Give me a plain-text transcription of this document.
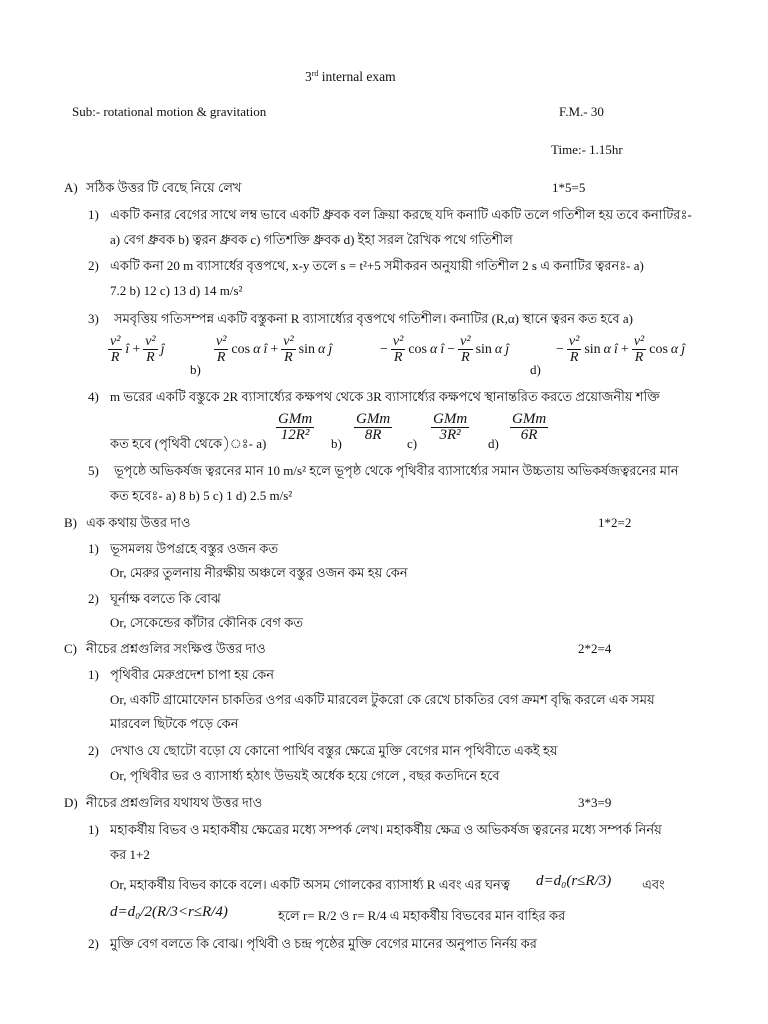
3rd internal exam
Sub:- rotational motion & gravitation	F.M.- 30
Time:- 1.15hr
A) সঠিক উত্তর টি বেছে নিয়ে লেখ	1*5=5
1) একটি কনার বেগের সাথে লম্ব ভাবে একটি ধ্রুবক বল ক্রিয়া করছে যদি কনাটি একটি তলে গতিশীল হয় তবে কনাটিরঃ-
a) বেগ ধ্রুবক b) ত্বরন ধ্রুবক c) গতিশক্তি ধ্রুবক d) ইহা সরল রৈখিক পথে গতিশীল
2) একটি কনা 20 m ব্যাসার্ধের বৃত্তপথে, x-y তলে s = t²+5 সমীকরন অনুযায়ী গতিশীল 2 s এ কনাটির ত্বরনঃ- a)
7.2 b) 12 c) 13 d) 14 m/s²
3) সমবৃত্তিয় গতিসম্পন্ন একটি বস্তুকনা R ব্যাসার্ধ্যের বৃত্তপথে গতিশীল। কনাটির (R,α) স্থানে ত্বরন কত হবে a)
$\frac{\text{v²}}{R}$ î + $\frac{\text{v²}}{R}$ ĵ
b)
$\frac{\text{v²}}{R}$ cos α î + $\frac{\text{v²}}{R}$ sin α ĵ	− $\frac{\text{v²}}{R}$ cos α î − $\frac{\text{v²}}{R}$ sin α ĵ
d)
− $\frac{\text{v²}}{R}$ sin α î + $\frac{\text{v²}}{R}$ cos α ĵ
4) m ভরের একটি বস্তুকে 2R ব্যাসার্ধ্যের কক্ষপথ থেকে 3R ব্যাসার্ধ্যের কক্ষপথে স্থানান্তরিত করতে প্রয়োজনীয় শক্তি
কত হবে (পৃথিবী থেকে)ঃ- a)
$\frac{\text{GMm}}{\text{12R²}}$
b)
$\frac{\text{GMm}}{8R}$
c)
$\frac{\text{GMm}}{\text{3R²}}$
d)
$\frac{\text{GMm}}{6R}$
5) ভূপৃষ্ঠে অভিকর্ষজ ত্বরনের মান 10 m/s² হলে ভূপৃষ্ঠ থেকে পৃথিবীর ব্যাসার্ধ্যের সমান উচ্চতায় অভিকর্ষজত্বরনের মান
কত হবেঃ- a) 8 b) 5 c) 1 d) 2.5 m/s²
B) এক কথায় উত্তর দাও	1*2=2
1) ভূসমলয় উপগ্রহে বস্তুর ওজন কত
Or, মেরুর তুলনায় নীরক্ষীয় অঞ্চলে বস্তুর ওজন কম হয় কেন
2) ঘূর্নাক্ষ বলতে কি বোঝ
Or, সেকেন্ডের কাঁটার কৌনিক বেগ কত
C) নীচের প্রশ্নগুলির সংক্ষিপ্ত উত্তর দাও	2*2=4
1) পৃথিবীর মেরুপ্রদেশ চাপা হয় কেন
Or, একটি গ্রামোফোন চাকতির ওপর একটি মারবেল টুকরো কে রেখে চাকতির বেগ ক্রমশ বৃদ্ধি করলে এক সময়
মারবেল ছিটকে পড়ে কেন
2) দেখাও যে ছোটো বড়ো যে কোনো পার্থিব বস্তুর ক্ষেত্রে মুক্তি বেগের মান পৃথিবীতে একই হয়
Or, পৃথিবীর ভর ও ব্যাসার্ধ্য হঠাৎ উভয়ই অর্ধেক হয়ে গেলে , বছর কতদিনে হবে
D) নীচের প্রশ্নগুলির যথাযথ উত্তর দাও	3*3=9
1) মহাকর্ষীয় বিভব ও মহাকর্ষীয় ক্ষেত্রের মধ্যে সম্পর্ক লেখ। মহাকর্ষীয় ক্ষেত্র ও অভিকর্ষজ ত্বরনের মধ্যে সম্পর্ক নির্নয়
কর 1+2
Or, মহাকর্ষীয় বিভব কাকে বলে। একটি অসম গোলকের ব্যাসার্ধ্য R এবং এর ঘনত্ব d=d₀(r≤R/3) এবং
d=d₀/2(R/3<r≤R/4)	হলে r= R/2 ও r= R/4 এ মহাকর্ষীয় বিভবের মান বাহির কর
2) মুক্তি বেগ বলতে কি বোঝ। পৃথিবী ও চন্দ্র পৃষ্ঠের মুক্তি বেগের মানের অনুপাত নির্নয় কর
